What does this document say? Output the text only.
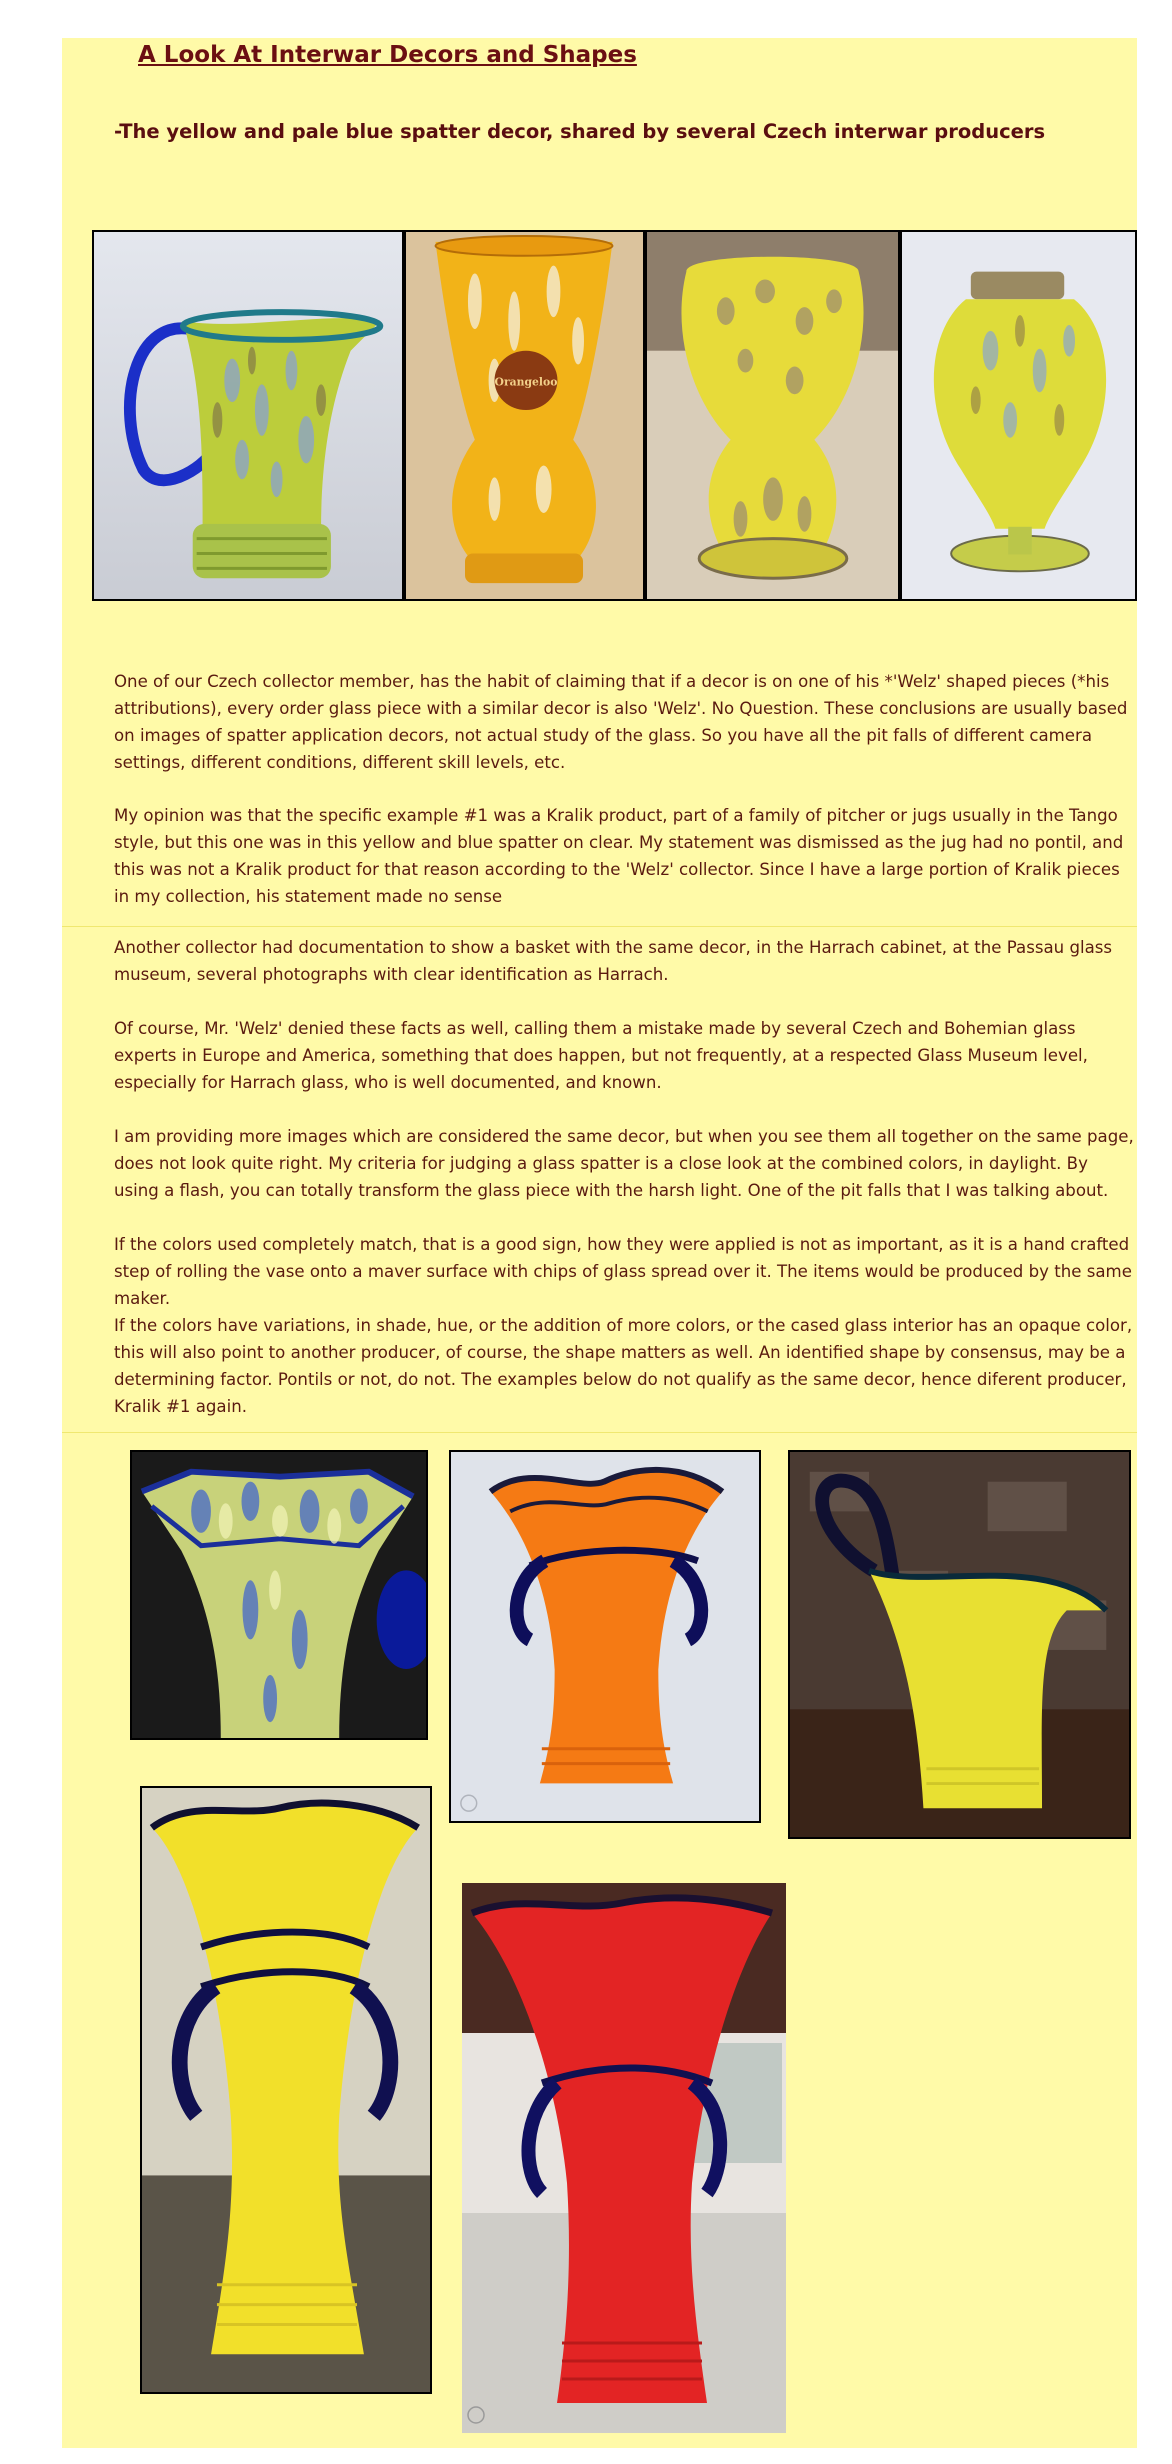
A Look At Interwar Decors and Shapes
-The yellow and pale blue spatter decor, shared by several Czech interwar producers
Orangeloo

One of our Czech collector member, has the habit of claiming that if a decor is on one of his *'Welz' shaped pieces (*his attributions), every order glass piece with a similar decor is also 'Welz'. No Question. These conclusions are usually based on images of spatter application decors, not actual study of the glass. So you have all the pit falls of different camera settings, different conditions, different skill levels, etc.

My opinion was that the specific example #1 was a Kralik product, part of a family of pitcher or jugs usually in the Tango style, but this one was in this yellow and blue spatter on clear. My statement was dismissed as the jug had no pontil, and this was not a Kralik product for that reason according to the 'Welz' collector. Since I have a large portion of Kralik pieces in my collection, his statement made no sense

Another collector had documentation to show a basket with the same decor, in the Harrach cabinet, at the Passau glass museum, several photographs with clear identification as Harrach.

Of course, Mr. 'Welz' denied these facts as well, calling them a mistake made by several Czech and Bohemian glass experts in Europe and America, something that does happen, but not frequently, at a respected Glass Museum level, especially for Harrach glass, who is well documented, and known.

I am providing more images which are considered the same decor, but when you see them all together on the same page, does not look quite right. My criteria for judging a glass spatter is a close look at the combined colors, in daylight. By using a flash, you can totally transform the glass piece with the harsh light. One of the pit falls that I was talking about.

If the colors used completely match, that is a good sign, how they were applied is not as important, as it is a hand crafted step of rolling the vase onto a maver surface with chips of glass spread over it. The items would be produced by the same maker.

If the colors have variations, in shade, hue, or the addition of more colors, or the cased glass interior has an opaque color, this will also point to another producer, of course, the shape matters as well. An identified shape by consensus, may be a determining factor. Pontils or not, do not. The examples below do not qualify as the same decor, hence diferent producer, Kralik #1 again.
